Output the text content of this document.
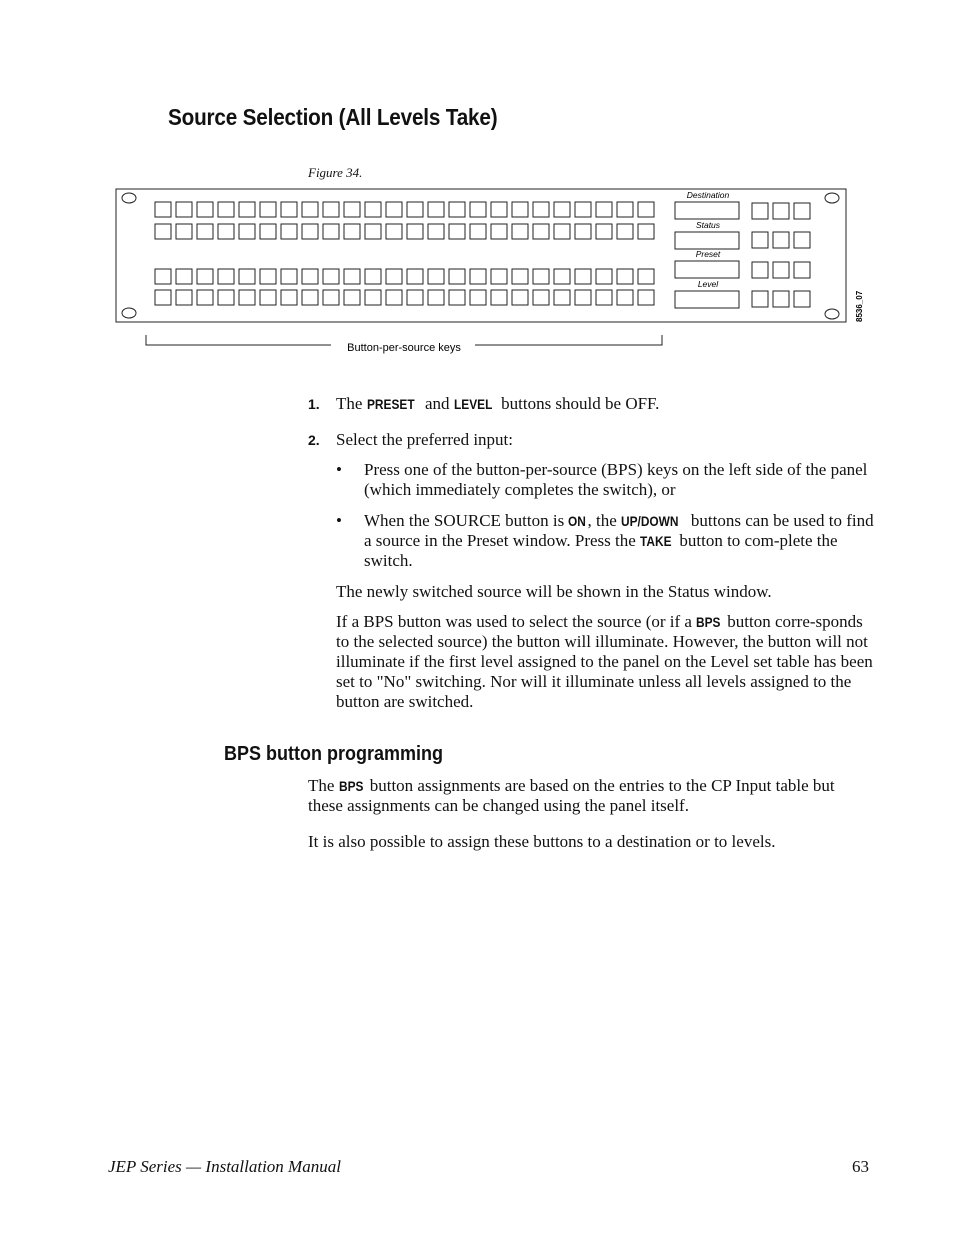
Source Selection (All Levels Take)
Figure 34.
Destination
Status
Preset
Level
8536_07
Button-per-source keys
1. The PRESET and LEVEL buttons should be OFF.
2. Select the preferred input:
• Press one of the button-per-source (BPS) keys on the left side of the panel (which immediately completes the switch), or
• When the SOURCE button is ON, the UP/DOWN buttons can be used to find a source in the Preset window. Press the TAKE button to com-plete the switch.
The newly switched source will be shown in the Status window.
If a BPS button was used to select the source (or if a BPS button corre-sponds to the selected source) the button will illuminate. However, the button will not illuminate if the first level assigned to the panel on the Level set table has been set to "No" switching. Nor will it illuminate unless all levels assigned to the button are switched.
BPS button programming
The BPS button assignments are based on the entries to the CP Input table but these assignments can be changed using the panel itself.
It is also possible to assign these buttons to a destination or to levels.
JEP Series — Installation Manual	63
